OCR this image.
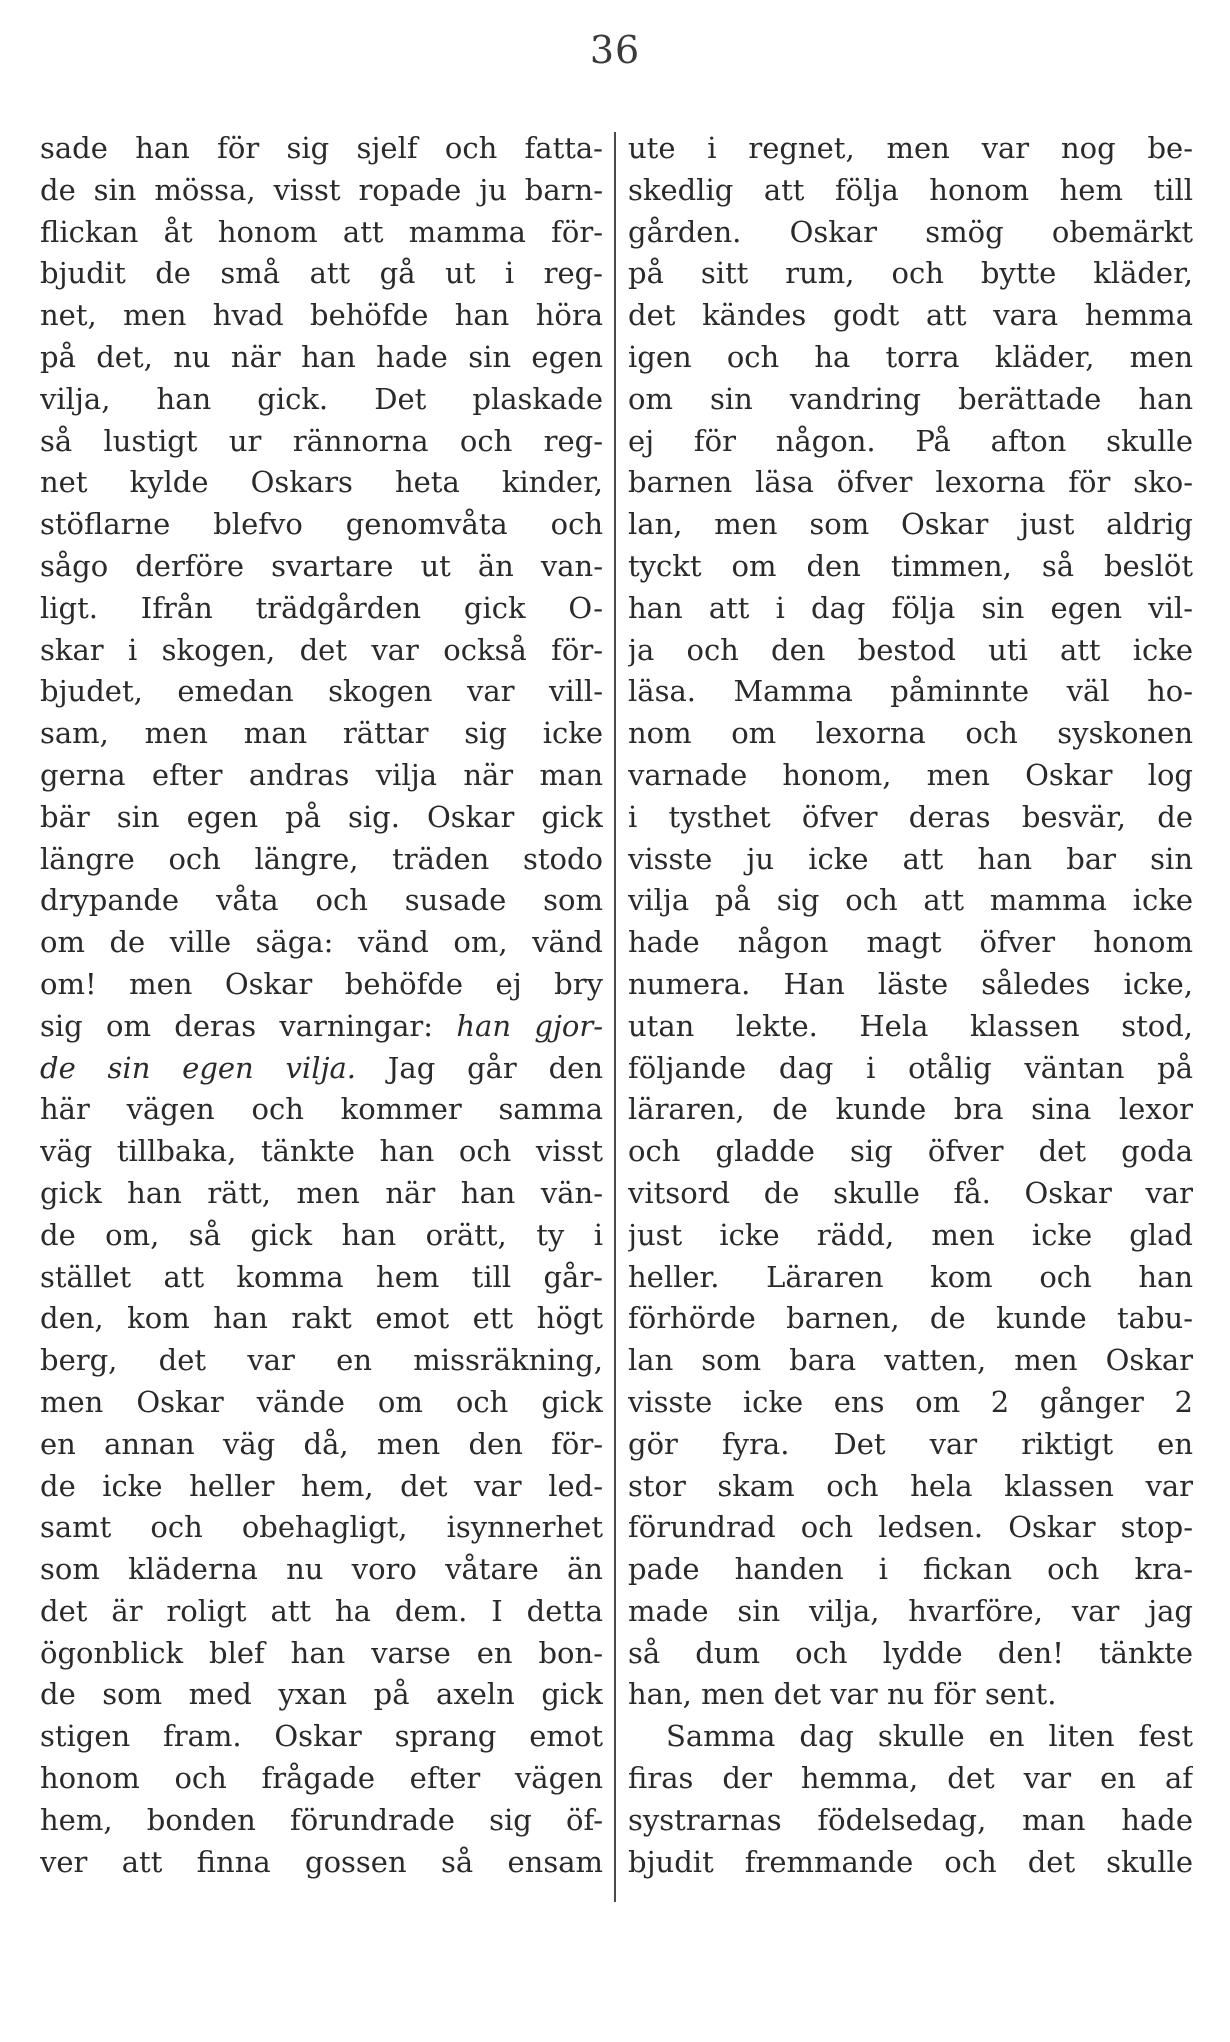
36
sade han för sig sjelf och fatta-
de sin mössa, visst ropade ju barn-
flickan åt honom att mamma för-
bjudit de små att gå ut i reg-
net, men hvad behöfde han höra
på det, nu när han hade sin egen
vilja, han gick. Det plaskade
så lustigt ur rännorna och reg-
net kylde Oskars heta kinder,
stöflarne blefvo genomvåta och
sågo derföre svartare ut än van-
ligt. Ifrån trädgården gick O-
skar i skogen, det var också för-
bjudet, emedan skogen var vill-
sam, men man rättar sig icke
gerna efter andras vilja när man
bär sin egen på sig. Oskar gick
längre och längre, träden stodo
drypande våta och susade som
om de ville säga: vänd om, vänd
om! men Oskar behöfde ej bry
sig om deras varningar: han gjor-
de sin egen vilja. Jag går den
här vägen och kommer samma
väg tillbaka, tänkte han och visst
gick han rätt, men när han vän-
de om, så gick han orätt, ty i
stället att komma hem till går-
den, kom han rakt emot ett högt
berg, det var en missräkning,
men Oskar vände om och gick
en annan väg då, men den för-
de icke heller hem, det var led-
samt och obehagligt, isynnerhet
som kläderna nu voro våtare än
det är roligt att ha dem. I detta
ögonblick blef han varse en bon-
de som med yxan på axeln gick
stigen fram. Oskar sprang emot
honom och frågade efter vägen
hem, bonden förundrade sig öf-
ver att finna gossen så ensam
ute i regnet, men var nog be-
skedlig att följa honom hem till
gården. Oskar smög obemärkt
på sitt rum, och bytte kläder,
det kändes godt att vara hemma
igen och ha torra kläder, men
om sin vandring berättade han
ej för någon. På afton skulle
barnen läsa öfver lexorna för sko-
lan, men som Oskar just aldrig
tyckt om den timmen, så beslöt
han att i dag följa sin egen vil-
ja och den bestod uti att icke
läsa. Mamma påminnte väl ho-
nom om lexorna och syskonen
varnade honom, men Oskar log
i tysthet öfver deras besvär, de
visste ju icke att han bar sin
vilja på sig och att mamma icke
hade någon magt öfver honom
numera. Han läste således icke,
utan lekte. Hela klassen stod,
följande dag i otålig väntan på
läraren, de kunde bra sina lexor
och gladde sig öfver det goda
vitsord de skulle få. Oskar var
just icke rädd, men icke glad
heller. Läraren kom och han
förhörde barnen, de kunde tabu-
lan som bara vatten, men Oskar
visste icke ens om 2 gånger 2
gör fyra. Det var riktigt en
stor skam och hela klassen var
förundrad och ledsen. Oskar stop-
pade handen i fickan och kra-
made sin vilja, hvarföre, var jag
så dum och lydde den! tänkte
han, men det var nu för sent.
Samma dag skulle en liten fest
firas der hemma, det var en af
systrarnas födelsedag, man hade
bjudit fremmande och det skulle
